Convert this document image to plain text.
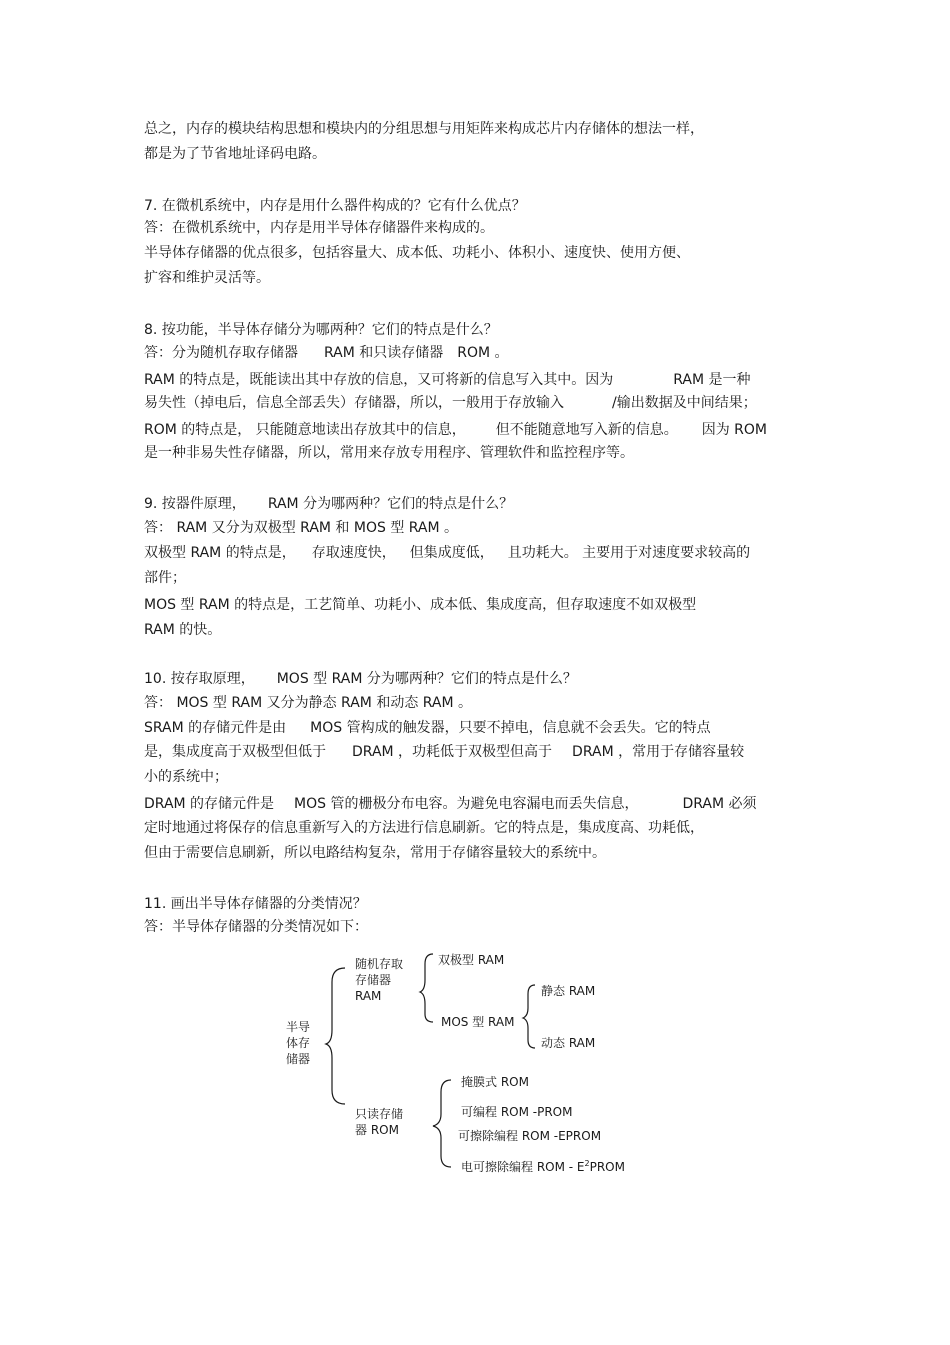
总之，内存的模块结构思想和模块内的分组思想与用矩阵来构成芯片内存储体的想法一样，
都是为了节省地址译码电路。
7. 在微机系统中，内存是用什么器件构成的？它有什么优点？
答：在微机系统中，内存是用半导体存储器件来构成的。
半导体存储器的优点很多，包括容量大、成本低、功耗小、体积小、速度快、使用方便、
扩容和维护灵活等。
8. 按功能，半导体存储分为哪两种？它们的特点是什么？
答：分为随机存取存储器 RAM 和只读存储器 ROM 。
RAM 的特点是，既能读出其中存放的信息，又可将新的信息写入其中。因为	RAM 是一种
易失性（掉电后，信息全部丢失）存储器，所以，一般用于存放输入	/输出数据及中间结果；
ROM 的特点是， 只能随意地读出存放其中的信息， 但不能随意地写入新的信息。 因为 ROM
是一种非易失性存储器，所以，常用来存放专用程序、管理软件和监控程序等。
9. 按器件原理， RAM 分为哪两种？它们的特点是什么？
答： RAM 又分为双极型 RAM 和 MOS 型 RAM 。
双极型 RAM 的特点是， 存取速度快， 但集成度低， 且功耗大。 主要用于对速度要求较高的
部件；
MOS 型 RAM 的特点是，工艺简单、功耗小、成本低、集成度高，但存取速度不如双极型
RAM 的快。
10. 按存取原理， MOS 型 RAM 分为哪两种？它们的特点是什么？
答： MOS 型 RAM 又分为静态 RAM 和动态 RAM 。
SRAM 的存储元件是由 MOS 管构成的触发器，只要不掉电，信息就不会丢失。它的特点
是，集成度高于双极型但低于 DRAM ，功耗低于双极型但高于 DRAM ，常用于存储容量较
小的系统中；
DRAM 的存储元件是 MOS 管的栅极分布电容。为避免电容漏电而丢失信息，	DRAM 必须
定时地通过将保存的信息重新写入的方法进行信息刷新。它的特点是，集成度高、功耗低，
但由于需要信息刷新，所以电路结构复杂，常用于存储容量较大的系统中。
11. 画出半导体存储器的分类情况？
答：半导体存储器的分类情况如下：
半导
体存
储器
随机存取
存储器
RAM
双极型 RAM
MOS 型 RAM
静态 RAM
动态 RAM
只读存储
器 ROM
掩膜式 ROM
可编程 ROM -PROM
可擦除编程 ROM -EPROM
电可擦除编程 ROM - $E^2PROM$
